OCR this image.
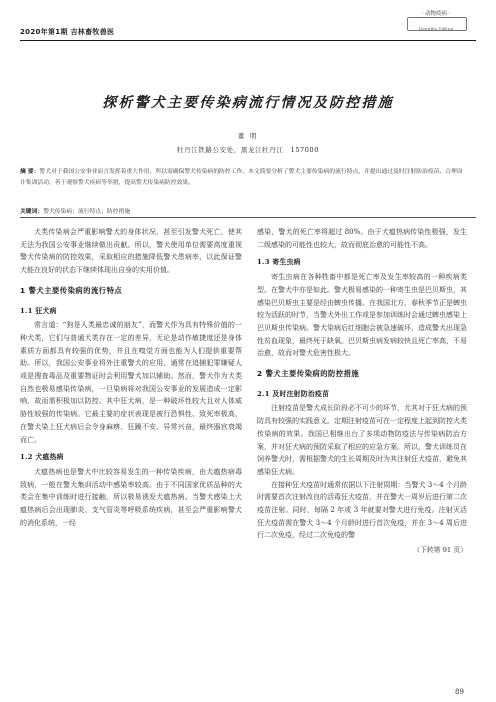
2020年第1期 吉林畜牧兽医
· 动物疫病 ·
DongWu YiBing
探析警犬主要传染病流行情况及防控措施
董 明
牡丹江铁路公安处，黑龙江牡丹江　157000
摘 要：警犬对于我国公安事业而言发挥着重大作用，所以需确保警犬传染病的防控工作。本文简要分析了警犬主要传染病的流行特点，并提出通过及时注射防治疫苗、合理设计集训活动，善于观察警犬疾病等举措，提高警犬传染病防控效果。
关键词：警犬传染病；流行特点；防控措施

犬类传染病会严重影响警犬的身体状况，甚至引发警犬死亡，使其无法为我国公安事业继续做出贡献。所以，警犬使用单位需要高度重视警犬传染病的防控效果，采取相应的措施降低警犬患病率，以此保证警犬能在良好的状态下继续体现出自身的实用价值。

1 警犬主要传染病的流行特点
1.1 狂犬病

常言道：“狗是人类最忠诚的朋友”，而警犬作为具有特殊价值的一种犬类，它们与普通犬类存在一定的差异，无论是动作敏捷度还是身体素质方面都具有较强的优势，并且在嗅觉方面也能为人们提供重要帮助。所以，我国公安事业将外注重警犬的应用，通常在追捕犯罪嫌疑人或是搜查毒品及重要物证时会利用警犬加以辅助。然而，警犬作为犬类自然也极易感染传染病，一旦染病将对我国公安事业的发展造成一定影响，故而需积极加以防控。其中狂犬病，是一种破坏性较大且对人体威胁性较强的传染病。它最主要的症状表现是被行恐惧性、致死率极高，在警犬染上狂犬病后会令身麻痹、狂躁不安、异常兴奋，最终器官衰竭而亡。

1.2 犬瘟热病

犬瘟热病也是警犬中比较容易发生的一种传染疾病，由犬瘟热病毒致病，一般在警犬集训活动中感染率较高。由于不同国家优质品种的犬类会在集中训练时进行接触，所以极易诱发犬瘟热病。当警犬感染上犬瘟热病后会出现肺炎、支气管炎等呼吸系统疾病，甚至会严重影响警犬的消化系统，一经

感染，警犬的死亡率将超过 80%。由于犬瘟热病传染性极强，发生二级感染的可能性也较大，故而彻底治愈的可能性不高。

1.3 寄生虫病

寄生虫病在各种牲畜中都是死亡率及发生率较高的一种疾病类型。在警犬中亦是如此。警犬极易感染的一种寄生虫是巴贝斯虫，其感染巴贝斯虫主要是经由蜱虫传播。在我国北方，春秋季节正是蜱虫较为活跃的时节，当警犬外出工作或是参加训练时会通过蜱虫感染上巴贝斯虫传染病。警犬染病后红细胞会被急速破坏，造成警犬出现急性贫血现象，最终死于缺氧。巴贝斯虫病发病较快且死亡率高，不易治愈，故而对警犬危害性极大。

2 警犬主要传染病的防控措施
2.1 及时注射防治疫苗

注射疫苗是警犬成长阶段必不可少的环节，尤其对于狂犬病的预防具有较强的实践意义。定期注射疫苗可在一定程度上起到防控犬类传染病的效果。我国已相继出台了多项动物防疫法与传染病防治方案，并对狂犬病的预防采取了相应的应急方案。所以，警犬训练员在饲养警犬时，需根据警犬的生长周期及时为其注射狂犬疫苗，避免其感染狂犬病。

在接种狂犬疫苗时通常依据以下注射周期：当警犬 3～4 个月龄时需要首次注射改良的活毒狂犬疫苗，并在警犬一周岁后进行第二次疫苗注射。同时，每隔 2 年或 3 年就要对警犬进行免疫。注射灭活狂犬疫苗需在警犬 3～4 个月龄时进行首次免疫，并在 3～4 周后进行二次免疫，经过二次免疫的警

（下转第 91 页）
89
